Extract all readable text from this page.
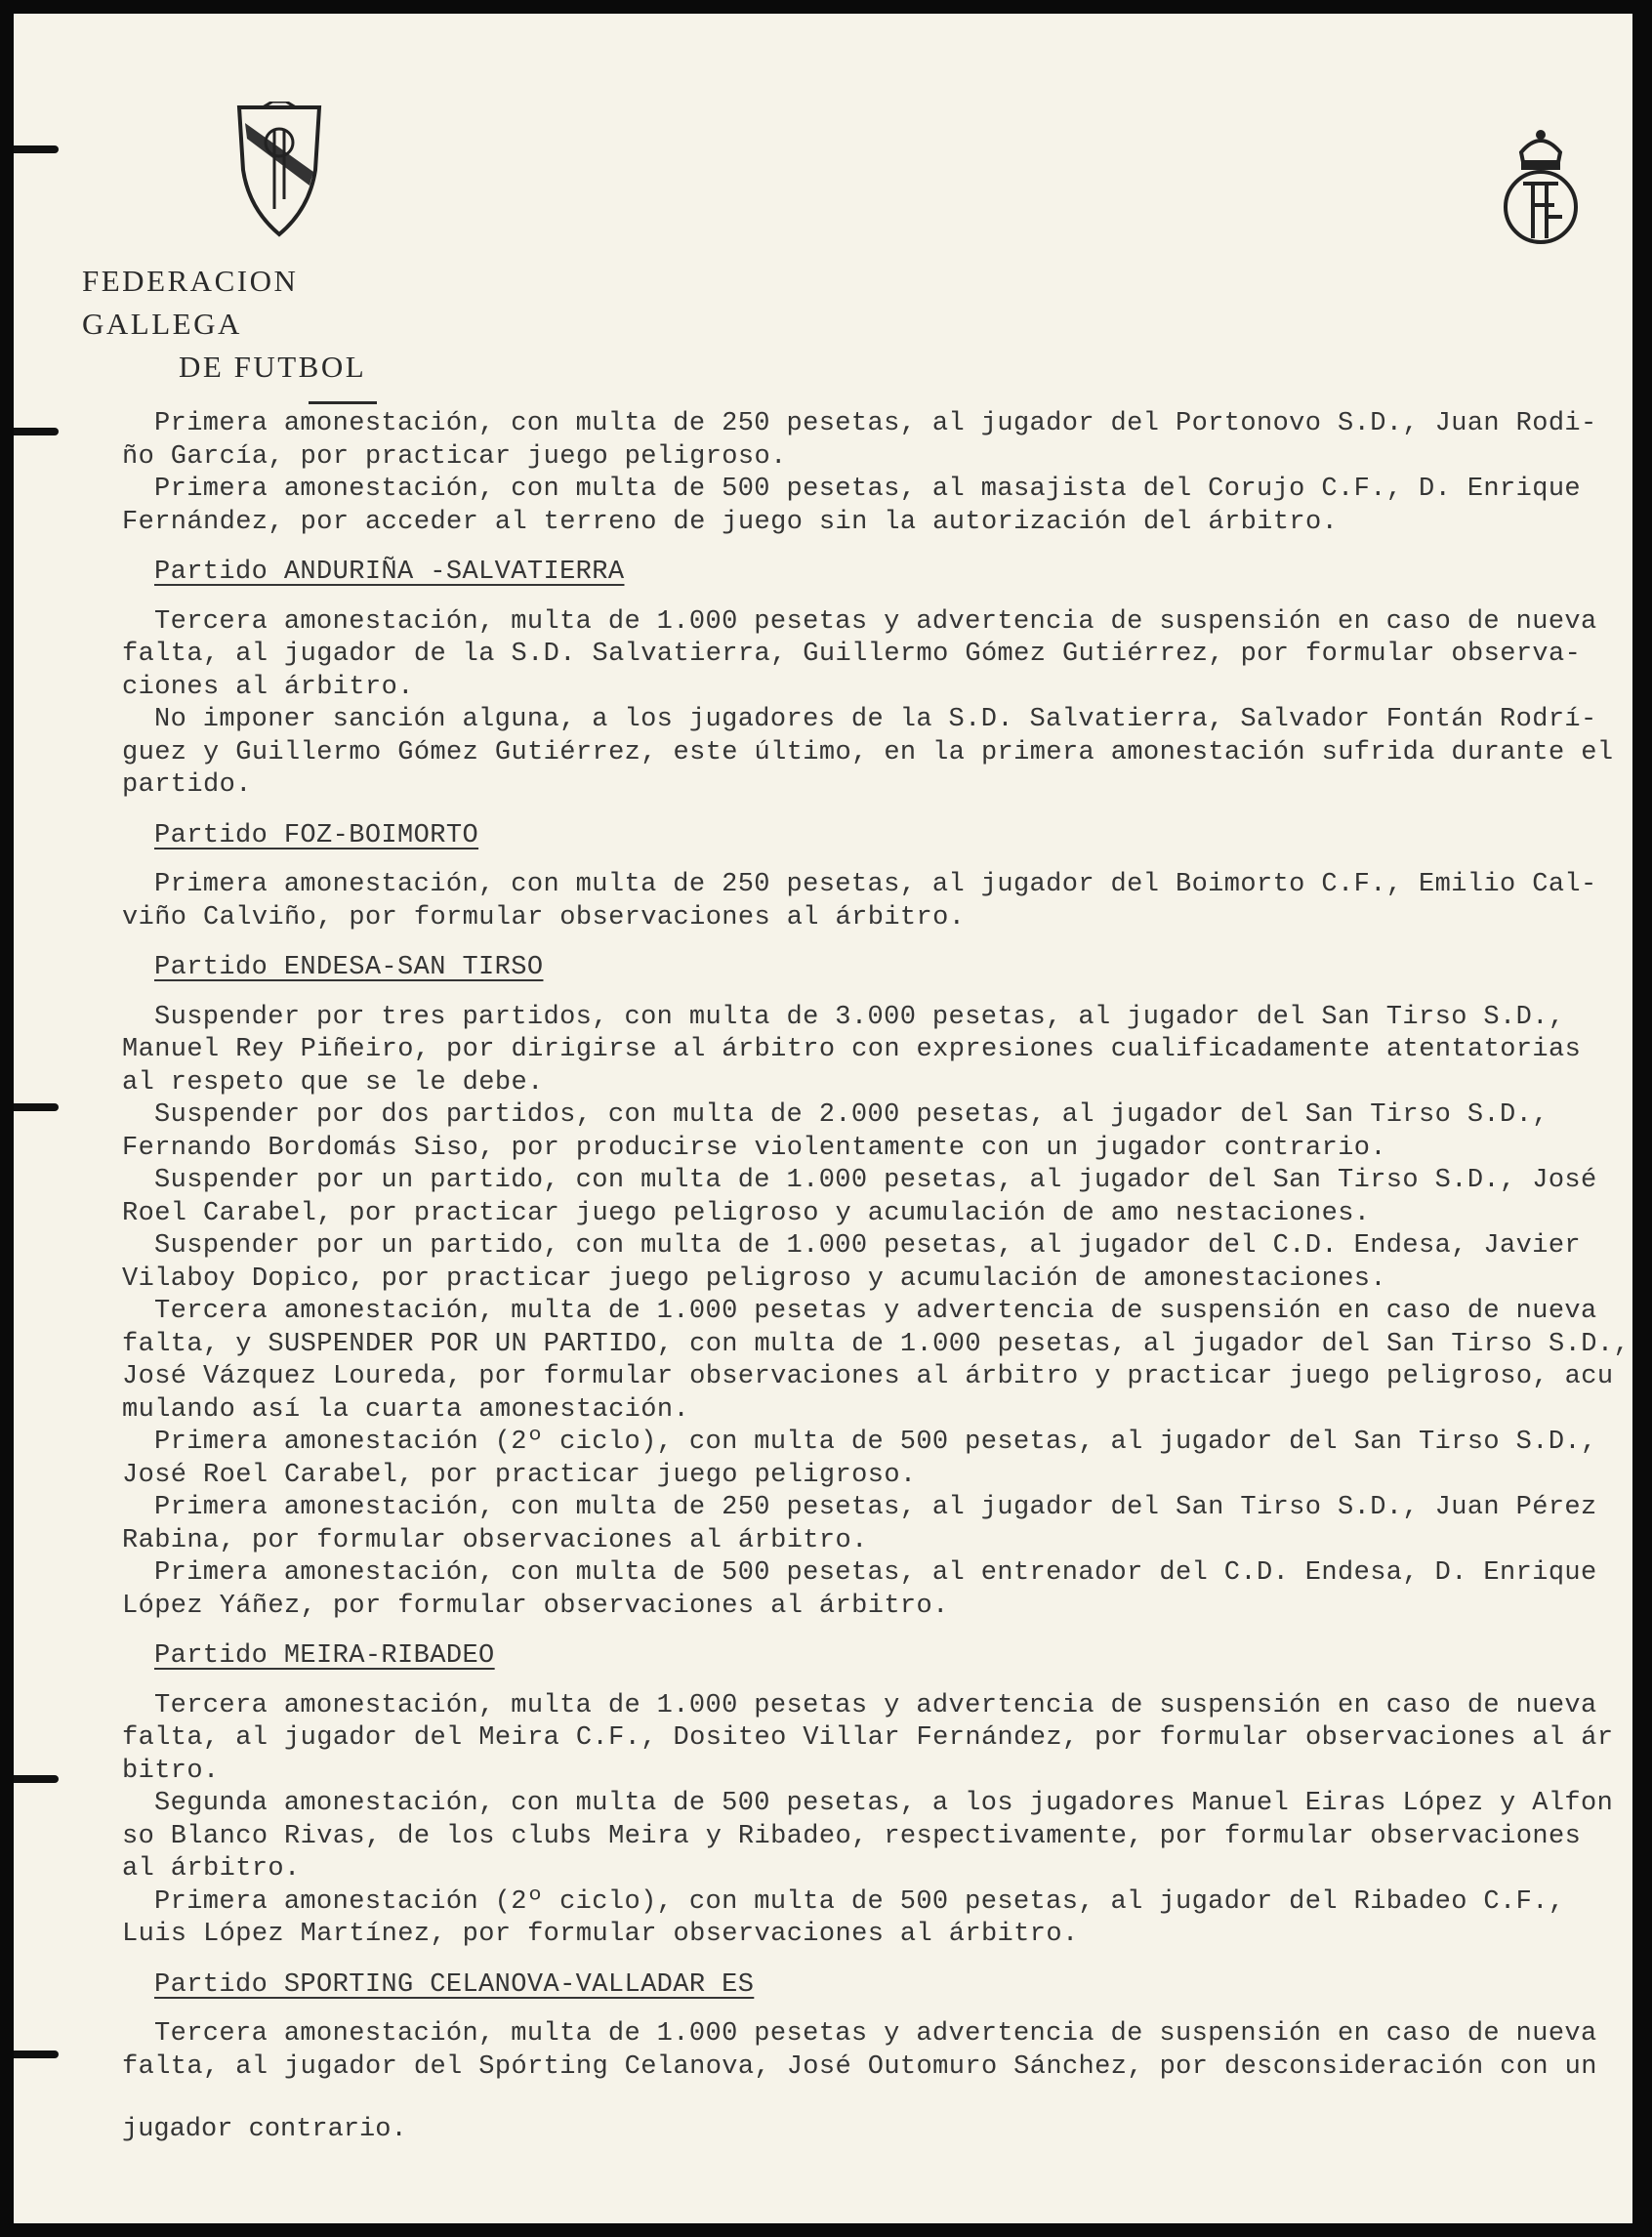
FEDERACION GALLEGA
DE FUTBOL
Primera amonestación, con multa de 250 pesetas, al jugador del Portonovo S.D., Juan Rodi-
ño García, por practicar juego peligroso.
Primera amonestación, con multa de 500 pesetas, al masajista del Corujo C.F., D. Enrique
Fernández, por acceder al terreno de juego sin la autorización del árbitro.
Partido ANDURIÑA -SALVATIERRA
Tercera amonestación, multa de 1.000 pesetas y advertencia de suspensión en caso de nueva
falta, al jugador de la S.D. Salvatierra, Guillermo Gómez Gutiérrez, por formular observa-
ciones al árbitro.
No imponer sanción alguna, a los jugadores de la S.D. Salvatierra, Salvador Fontán Rodrí-
guez y Guillermo Gómez Gutiérrez, este último, en la primera amonestación sufrida durante el
partido.
Partido FOZ-BOIMORTO
Primera amonestación, con multa de 250 pesetas, al jugador del Boimorto C.F., Emilio Cal-
viño Calviño, por formular observaciones al árbitro.
Partido ENDESA-SAN TIRSO
Suspender por tres partidos, con multa de 3.000 pesetas, al jugador del San Tirso S.D.,
Manuel Rey Piñeiro, por dirigirse al árbitro con expresiones cualificadamente atentatorias
al respeto que se le debe.
Suspender por dos partidos, con multa de 2.000 pesetas, al jugador del San Tirso S.D.,
Fernando Bordomás Siso, por producirse violentamente con un jugador contrario.
Suspender por un partido, con multa de 1.000 pesetas, al jugador del San Tirso S.D., José
Roel Carabel, por practicar juego peligroso y acumulación de amo nestaciones.
Suspender por un partido, con multa de 1.000 pesetas, al jugador del C.D. Endesa, Javier
Vilaboy Dopico, por practicar juego peligroso y acumulación de amonestaciones.
Tercera amonestación, multa de 1.000 pesetas y advertencia de suspensión en caso de nueva
falta, y SUSPENDER POR UN PARTIDO, con multa de 1.000 pesetas, al jugador del San Tirso S.D.,
José Vázquez Loureda, por formular observaciones al árbitro y practicar juego peligroso, acu
mulando así la cuarta amonestación.
Primera amonestación (2º ciclo), con multa de 500 pesetas, al jugador del San Tirso S.D.,
José Roel Carabel, por practicar juego peligroso.
Primera amonestación, con multa de 250 pesetas, al jugador del San Tirso S.D., Juan Pérez
Rabina, por formular observaciones al árbitro.
Primera amonestación, con multa de 500 pesetas, al entrenador del C.D. Endesa, D. Enrique
López Yáñez, por formular observaciones al árbitro.
Partido MEIRA-RIBADEO
Tercera amonestación, multa de 1.000 pesetas y advertencia de suspensión en caso de nueva
falta, al jugador del Meira C.F., Dositeo Villar Fernández, por formular observaciones al ár
bitro.
Segunda amonestación, con multa de 500 pesetas, a los jugadores Manuel Eiras López y Alfon
so Blanco Rivas, de los clubs Meira y Ribadeo, respectivamente, por formular observaciones
al árbitro.
Primera amonestación (2º ciclo), con multa de 500 pesetas, al jugador del Ribadeo C.F.,
Luis López Martínez, por formular observaciones al árbitro.
Partido SPORTING CELANOVA-VALLADAR ES
Tercera amonestación, multa de 1.000 pesetas y advertencia de suspensión en caso de nueva
falta, al jugador del Spórting Celanova, José Outomuro Sánchez, por desconsideración con un
jugador contrario.
